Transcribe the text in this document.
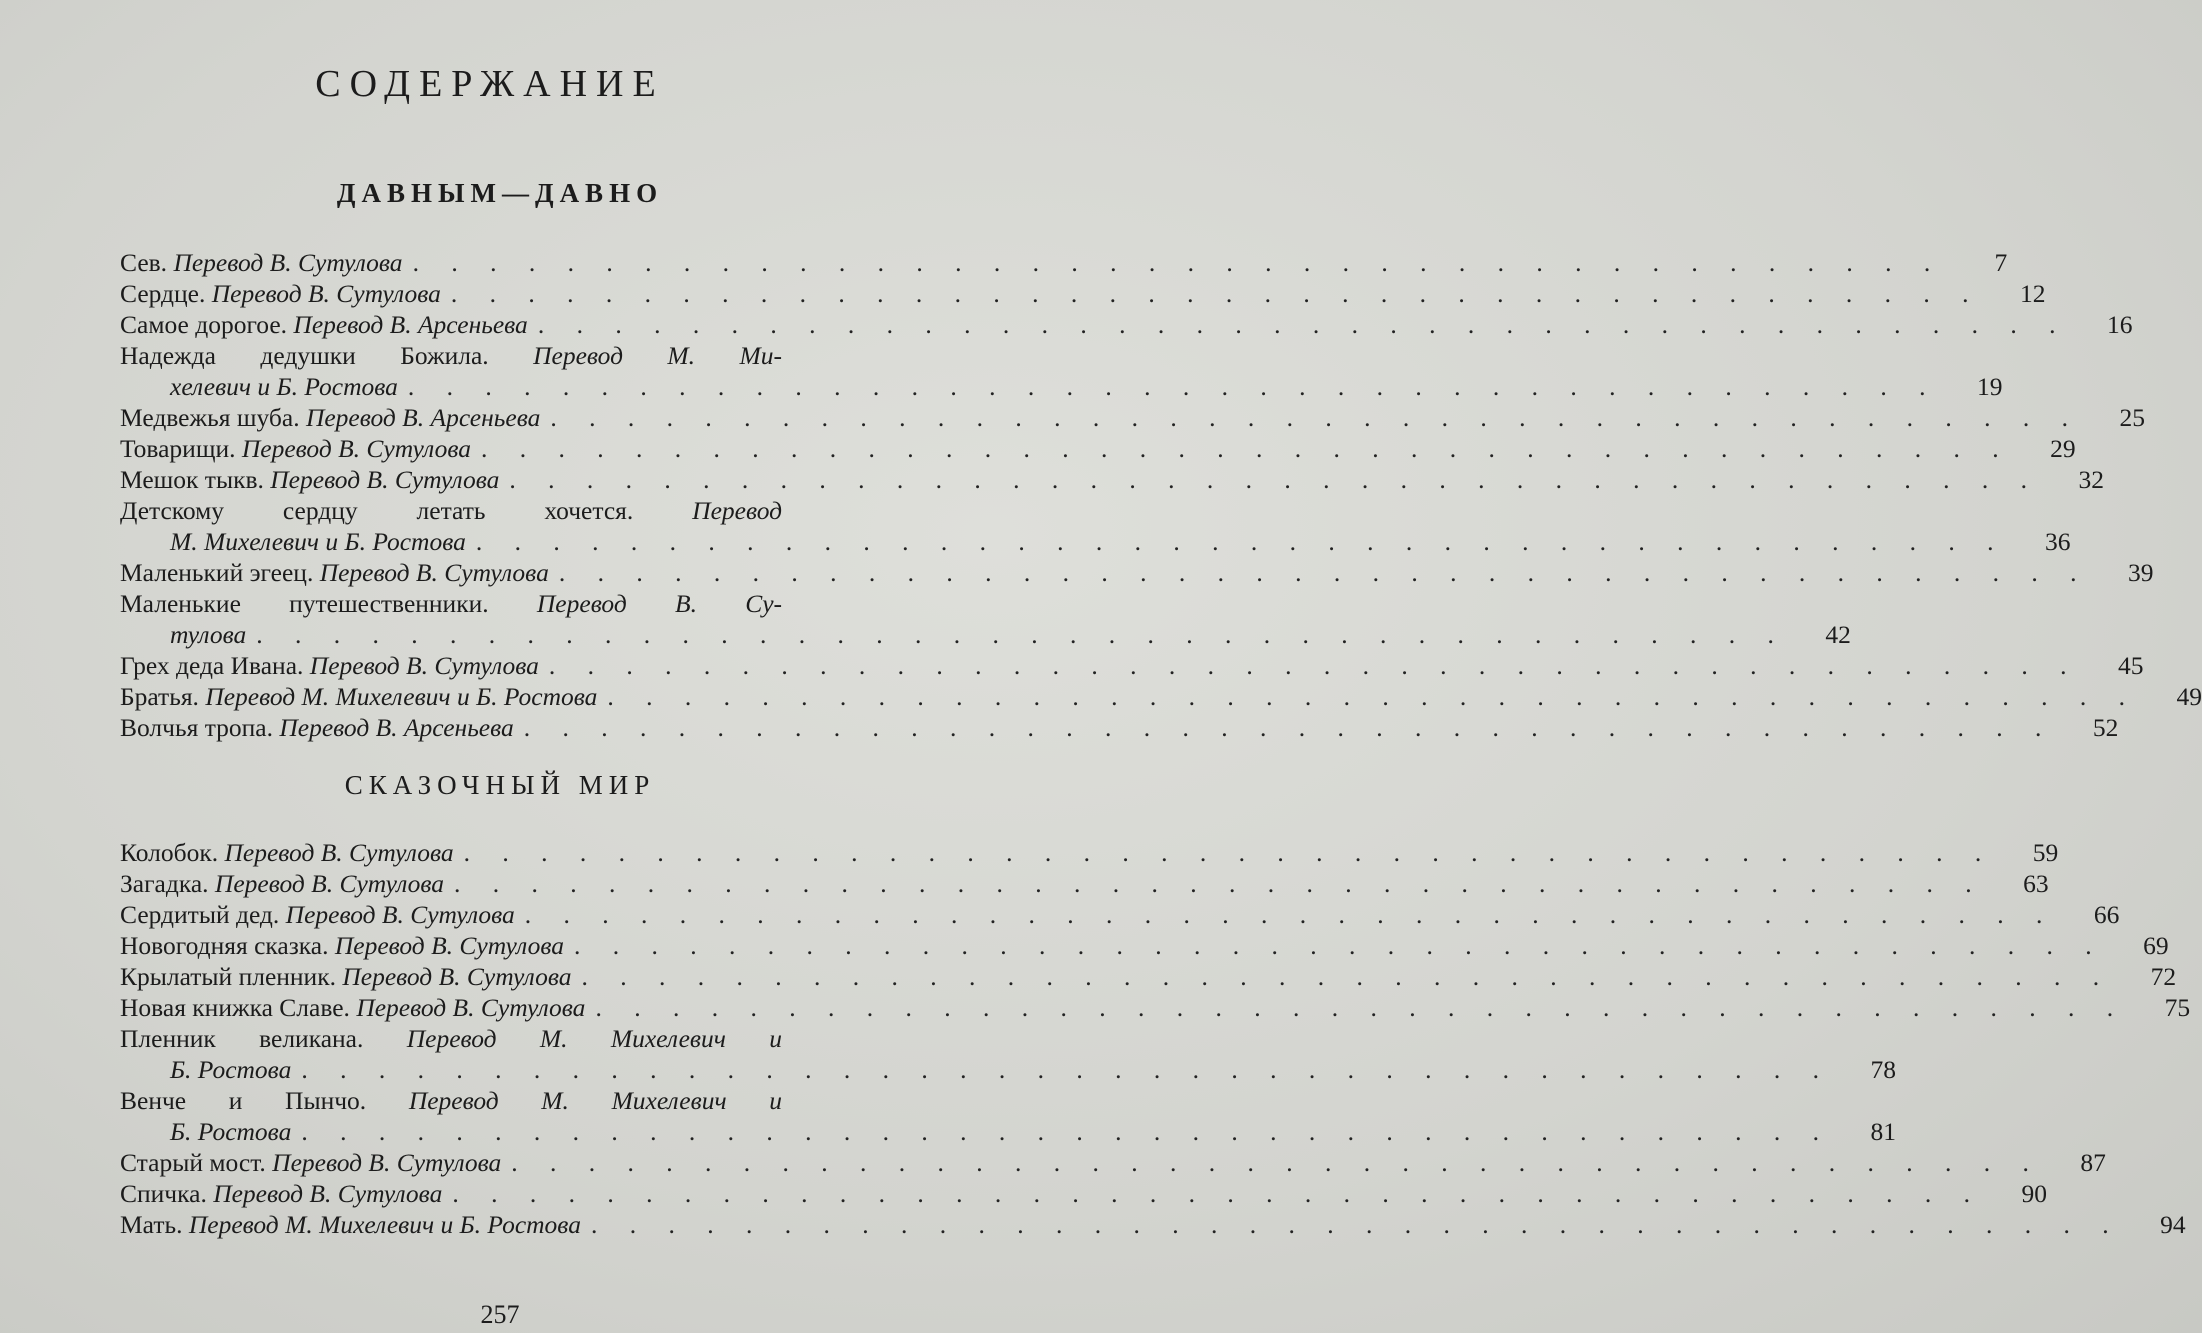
СОДЕРЖАНИЕ
ДАВНЫМ—ДАВНО
Сев. Перевод В. Сутулова . . . . . . . . . . . . . . . . . . . . . . . . . . . . . . . . . . . . . . . .	7
Сердце. Перевод В. Сутулова . . . . . . . . . . . . . . . . . . . . . . . . . . . . . . . . . . . . . . . .	12
Самое дорогое. Перевод В. Арсеньева . . . . . . . . . . . . . . . . . . . . . . . . . . . . . . . . . . . . . . . .	16
Надежда дедушки Божила. Перевод М. Ми-
хелевич и Б. Ростова . . . . . . . . . . . . . . . . . . . . . . . . . . . . . . . . . . . . . . . .	19
Медвежья шуба. Перевод В. Арсеньева . . . . . . . . . . . . . . . . . . . . . . . . . . . . . . . . . . . . . . . .	25
Товарищи. Перевод В. Сутулова . . . . . . . . . . . . . . . . . . . . . . . . . . . . . . . . . . . . . . . .	29
Мешок тыкв. Перевод В. Сутулова . . . . . . . . . . . . . . . . . . . . . . . . . . . . . . . . . . . . . . . .	32
Детскому сердцу летать хочется. Перевод
М. Михелевич и Б. Ростова . . . . . . . . . . . . . . . . . . . . . . . . . . . . . . . . . . . . . . . .	36
Маленький эгеец. Перевод В. Сутулова . . . . . . . . . . . . . . . . . . . . . . . . . . . . . . . . . . . . . . . .	39
Маленькие путешественники. Перевод В. Су-
тулова . . . . . . . . . . . . . . . . . . . . . . . . . . . . . . . . . . . . . . . .	42
Грех деда Ивана. Перевод В. Сутулова . . . . . . . . . . . . . . . . . . . . . . . . . . . . . . . . . . . . . . . .	45
Братья. Перевод М. Михелевич и Б. Ростова . . . . . . . . . . . . . . . . . . . . . . . . . . . . . . . . . . . . . . . .	49
Волчья тропа. Перевод В. Арсеньева . . . . . . . . . . . . . . . . . . . . . . . . . . . . . . . . . . . . . . . .	52
СКАЗОЧНЫЙ МИР
Колобок. Перевод В. Сутулова . . . . . . . . . . . . . . . . . . . . . . . . . . . . . . . . . . . . . . . .	59
Загадка. Перевод В. Сутулова . . . . . . . . . . . . . . . . . . . . . . . . . . . . . . . . . . . . . . . .	63
Сердитый дед. Перевод В. Сутулова . . . . . . . . . . . . . . . . . . . . . . . . . . . . . . . . . . . . . . . .	66
Новогодняя сказка. Перевод В. Сутулова . . . . . . . . . . . . . . . . . . . . . . . . . . . . . . . . . . . . . . . .	69
Крылатый пленник. Перевод В. Сутулова . . . . . . . . . . . . . . . . . . . . . . . . . . . . . . . . . . . . . . . .	72
Новая книжка Славе. Перевод В. Сутулова . . . . . . . . . . . . . . . . . . . . . . . . . . . . . . . . . . . . . . . .	75
Пленник великана. Перевод М. Михелевич и
Б. Ростова . . . . . . . . . . . . . . . . . . . . . . . . . . . . . . . . . . . . . . . .	78
Венче и Пынчо. Перевод М. Михелевич и
Б. Ростова . . . . . . . . . . . . . . . . . . . . . . . . . . . . . . . . . . . . . . . .	81
Старый мост. Перевод В. Сутулова . . . . . . . . . . . . . . . . . . . . . . . . . . . . . . . . . . . . . . . .	87
Спичка. Перевод В. Сутулова . . . . . . . . . . . . . . . . . . . . . . . . . . . . . . . . . . . . . . . .	90
Мать. Перевод М. Михелевич и Б. Ростова . . . . . . . . . . . . . . . . . . . . . . . . . . . . . . . . . . . . . . . .	94
257
